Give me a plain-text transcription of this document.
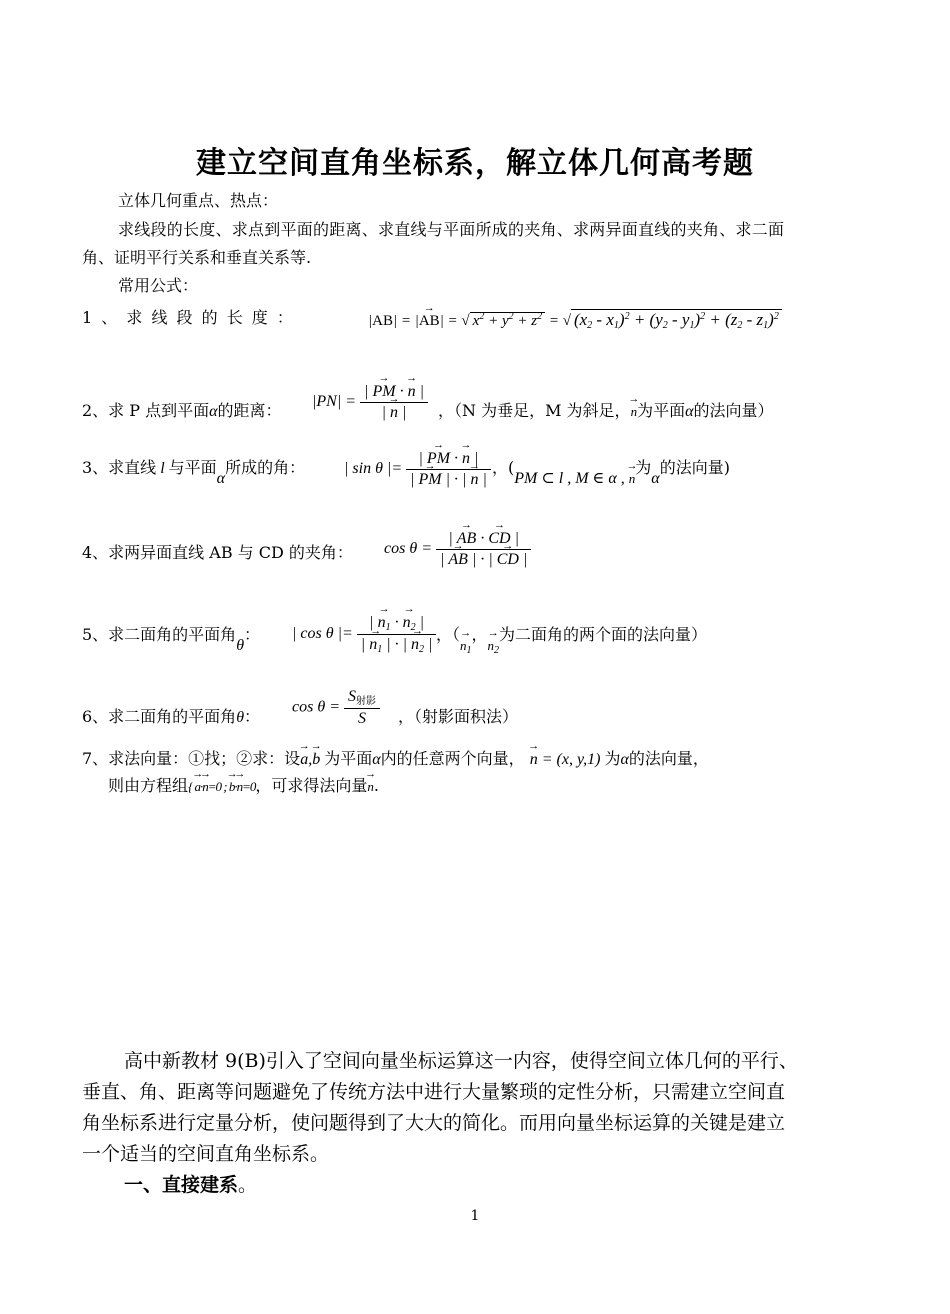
建立空间直角坐标系，解立体几何高考题
立体几何重点、热点：
求线段的长度、求点到平面的距离、求直线与平面所成的夹角、求两异面直线的夹角、求二面
角、证明平行关系和垂直关系等.
常用公式：
1 、 求 线 段 的 长 度 ：	|AB| = |→ AB| = √ $x^2 + y^2 + z^2$ = √ $(x_2 - x_1)^2 + (y_2 - y_1)^2 + (z_2 - z_1)^2$
2、求 P 点到平面α的距离： $|PN| = \frac{| \to PM \cdot \to n |}{| \to n |}$ ，（N 为垂足，M 为斜足，→ n为平面α的法向量）
3、求直线 l 与平面α所成的角： | sin θ |= $\frac{| \to PM \cdot \to n |}{| \to PM | \cdot | \to n |}$ ，(PM ⊂ l , M ∈ α , → n为α的法向量)
4、求两异面直线 AB 与 CD 的夹角： $\cos \theta = \frac{| \to AB \cdot \to CD |}{| \to AB | \cdot | \to CD |}$
5、求二面角的平面角θ： | cos θ |= $\frac{| \to n_1 \cdot \to n_2 |}{| \to n_1 | \cdot | \to n_2 |}$ ，（→ $n_1$，→ $n_2$为二面角的两个面的法向量）
6、求二面角的平面角θ： $\cos \theta = \frac{S_{射影}}{S}$ ，（射影面积法）
7、求法向量：①找；②求：设→ a,→ b 为平面α内的任意两个向量， → n = (x, y,1) 为α的法向量，
则由方程组{ → a·→ n=0 ; → b·→ n=0，可求得法向量→ n.
高中新教材 9(B)引入了空间向量坐标运算这一内容，使得空间立体几何的平行、
垂直、角、距离等问题避免了传统方法中进行大量繁琐的定性分析，只需建立空间直
角坐标系进行定量分析，使问题得到了大大的简化。而用向量坐标运算的关键是建立
一个适当的空间直角坐标系。
一、直接建系。
1
